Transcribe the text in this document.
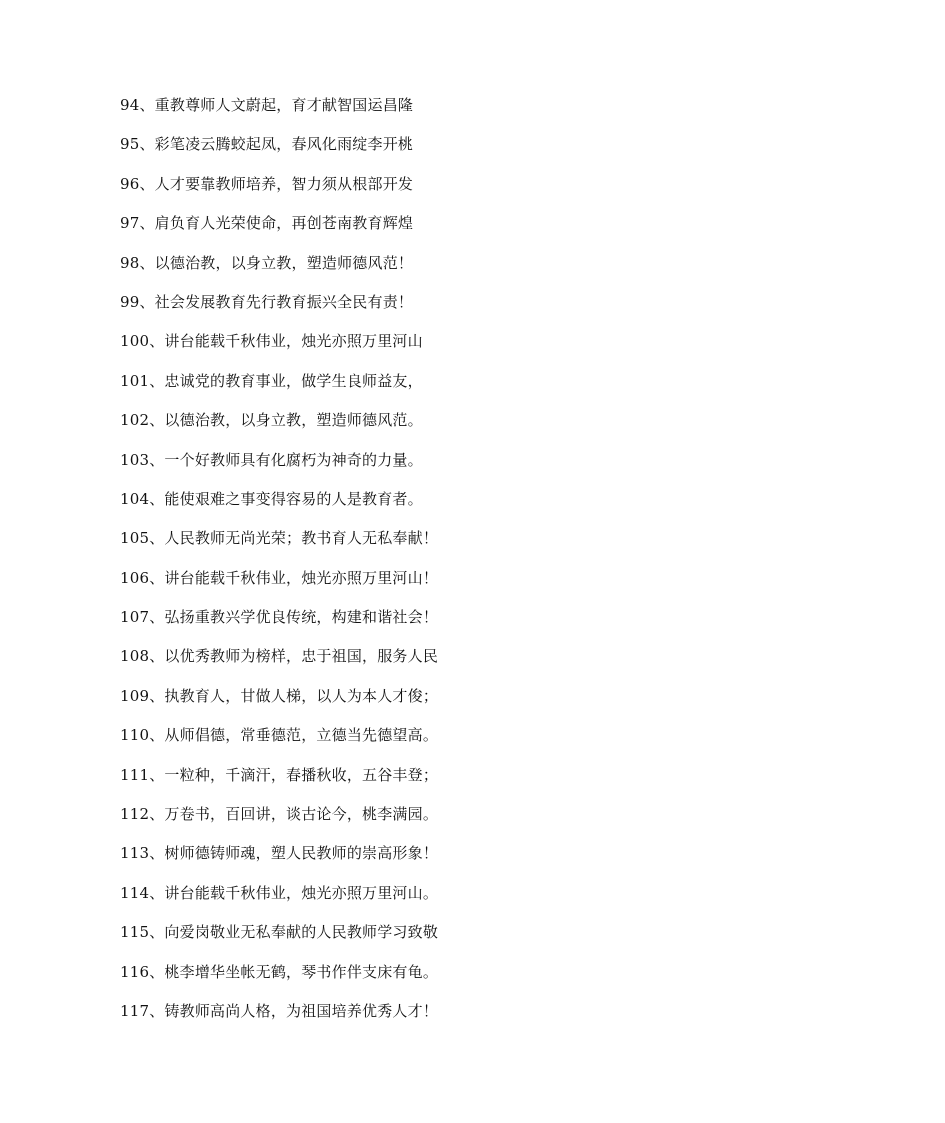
94、重教尊师人文蔚起，育才献智国运昌隆
95、彩笔凌云腾蛟起凤，春风化雨绽李开桃
96、人才要靠教师培养，智力须从根部开发
97、肩负育人光荣使命，再创苍南教育辉煌
98、以德治教，以身立教，塑造师德风范！
99、社会发展教育先行教育振兴全民有责！
100、讲台能载千秋伟业，烛光亦照万里河山
101、忠诚党的教育事业，做学生良师益友，
102、以德治教，以身立教，塑造师德风范。
103、一个好教师具有化腐朽为神奇的力量。
104、能使艰难之事变得容易的人是教育者。
105、人民教师无尚光荣；教书育人无私奉献！
106、讲台能载千秋伟业，烛光亦照万里河山！
107、弘扬重教兴学优良传统，构建和谐社会！
108、以优秀教师为榜样，忠于祖国，服务人民
109、执教育人，甘做人梯，以人为本人才俊；
110、从师倡德，常垂德范，立德当先德望高。
111、一粒种，千滴汗，春播秋收，五谷丰登；
112、万卷书，百回讲，谈古论今，桃李满园。
113、树师德铸师魂，塑人民教师的崇高形象！
114、讲台能载千秋伟业，烛光亦照万里河山。
115、向爱岗敬业无私奉献的人民教师学习致敬
116、桃李增华坐帐无鹤，琴书作伴支床有龟。
117、铸教师高尚人格，为祖国培养优秀人才！
